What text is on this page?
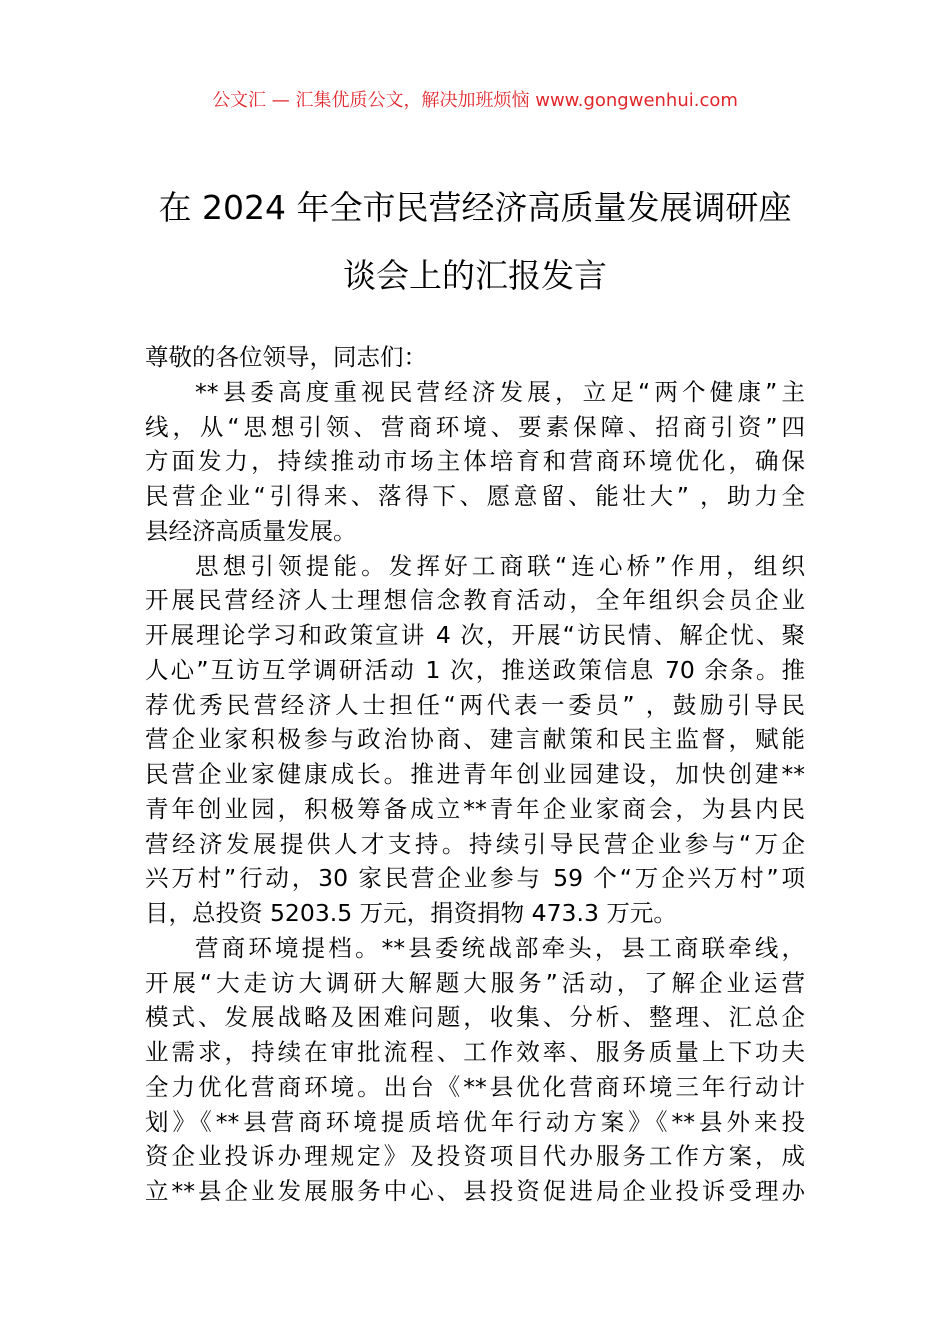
公文汇 — 汇集优质公文，解决加班烦恼 www.gongwenhui.com
在 2024 年全市民营经济高质量发展调研座
谈会上的汇报发言
尊敬的各位领导，同志们：
**县委高度重视民营经济发展，立足“两个健康”主
线，从“思想引领、营商环境、要素保障、招商引资”四
方面发力，持续推动市场主体培育和营商环境优化，确保
民营企业“引得来、落得下、愿意留、能壮大” ，助力全
县经济高质量发展。
思想引领提能。发挥好工商联“连心桥”作用，组织
开展民营经济人士理想信念教育活动，全年组织会员企业
开展理论学习和政策宣讲 4 次，开展“访民情、解企忧、聚
人心”互访互学调研活动 1 次，推送政策信息 70 余条。推
荐优秀民营经济人士担任“两代表一委员” ，鼓励引导民
营企业家积极参与政治协商、建言献策和民主监督，赋能
民营企业家健康成长。推进青年创业园建设，加快创建**
青年创业园，积极筹备成立**青年企业家商会，为县内民
营经济发展提供人才支持。持续引导民营企业参与“万企
兴万村”行动，30 家民营企业参与 59 个“万企兴万村”项
目，总投资 5203.5 万元，捐资捐物 473.3 万元。
营商环境提档。**县委统战部牵头，县工商联牵线，
开展“大走访大调研大解题大服务”活动，了解企业运营
模式、发展战略及困难问题，收集、分析、整理、汇总企
业需求，持续在审批流程、工作效率、服务质量上下功夫
全力优化营商环境。出台《**县优化营商环境三年行动计
划》《**县营商环境提质培优年行动方案》《**县外来投
资企业投诉办理规定》及投资项目代办服务工作方案，成
立**县企业发展服务中心、县投资促进局企业投诉受理办
